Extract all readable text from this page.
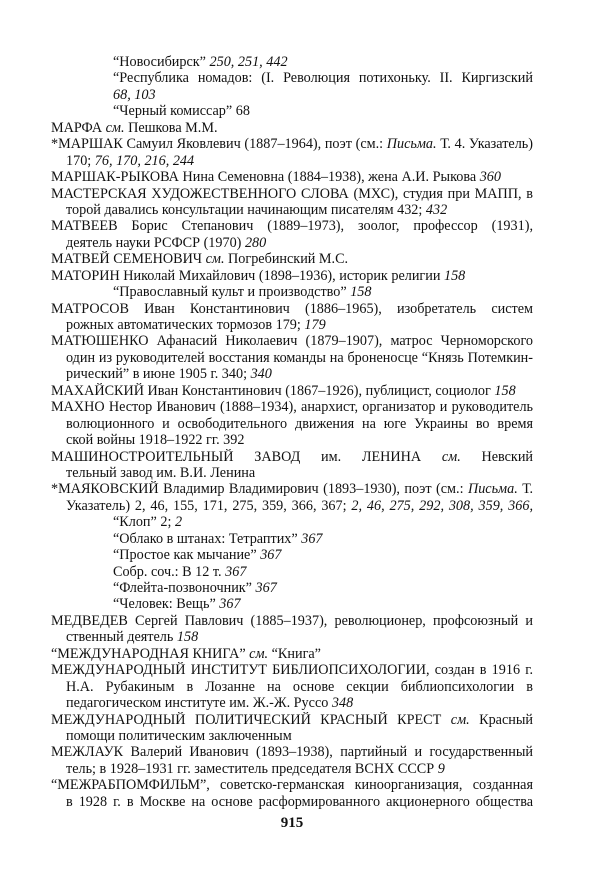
“Новосибирск” 250, 251, 442
“Республика номадов: (I. Революция потихоньку. II. Киргизский
68, 103
“Черный комиссар” 68
МАРФА см. Пешкова М.М.
*МАРШАК Самуил Яковлевич (1887–1964), поэт (см.: Письма. Т. 4. Указатель)
170; 76, 170, 216, 244
МАРШАК-РЫКОВА Нина Семеновна (1884–1938), жена А.И. Рыкова 360
МАСТЕРСКАЯ ХУДОЖЕСТВЕННОГО СЛОВА (МХС), студия при МАПП, в
торой давались консультации начинающим писателям 432; 432
МАТВЕЕВ Борис Степанович (1889–1973), зоолог, профессор (1931),
деятель науки РСФСР (1970) 280
МАТВЕЙ СЕМЕНОВИЧ см. Погребинский М.С.
МАТОРИН Николай Михайлович (1898–1936), историк религии 158
“Православный культ и производство” 158
МАТРОСОВ Иван Константинович (1886–1965), изобретатель систем
рожных автоматических тормозов 179; 179
МАТЮШЕНКО Афанасий Николаевич (1879–1907), матрос Черноморского
один из руководителей восстания команды на броненосце “Князь Потемкин-
рический” в июне 1905 г. 340; 340
МАХАЙСКИЙ Иван Константинович (1867–1926), публицист, социолог 158
МАХНО Нестор Иванович (1888–1934), анархист, организатор и руководитель
волюционного и освободительного движения на юге Украины во время
ской войны 1918–1922 гг. 392
МАШИНОСТРОИТЕЛЬНЫЙ ЗАВОД им. ЛЕНИНА см. Невский
тельный завод им. В.И. Ленина
*МАЯКОВСКИЙ Владимир Владимирович (1893–1930), поэт (см.: Письма. Т.
Указатель) 2, 46, 155, 171, 275, 359, 366, 367; 2, 46, 275, 292, 308, 359, 366,
“Клоп” 2; 2
“Облако в штанах: Тетраптих” 367
“Простое как мычание” 367
Собр. соч.: В 12 т. 367
“Флейта-позвоночник” 367
“Человек: Вещь” 367
МЕДВЕДЕВ Сергей Павлович (1885–1937), революционер, профсоюзный и
ственный деятель 158
“МЕЖДУНАРОДНАЯ КНИГА” см. “Книга”
МЕЖДУНАРОДНЫЙ ИНСТИТУТ БИБЛИОПСИХОЛОГИИ, создан в 1916 г.
Н.А. Рубакиным в Лозанне на основе секции библиопсихологии в
педагогическом институте им. Ж.-Ж. Руссо 348
МЕЖДУНАРОДНЫЙ ПОЛИТИЧЕСКИЙ КРАСНЫЙ КРЕСТ см. Красный
помощи политическим заключенным
МЕЖЛАУК Валерий Иванович (1893–1938), партийный и государственный
тель; в 1928–1931 гг. заместитель председателя ВСНХ СССР 9
“МЕЖРАБПОМФИЛЬМ”, советско-германская киноорганизация, созданная
в 1928 г. в Москве на основе расформированного акционерного общества
915
